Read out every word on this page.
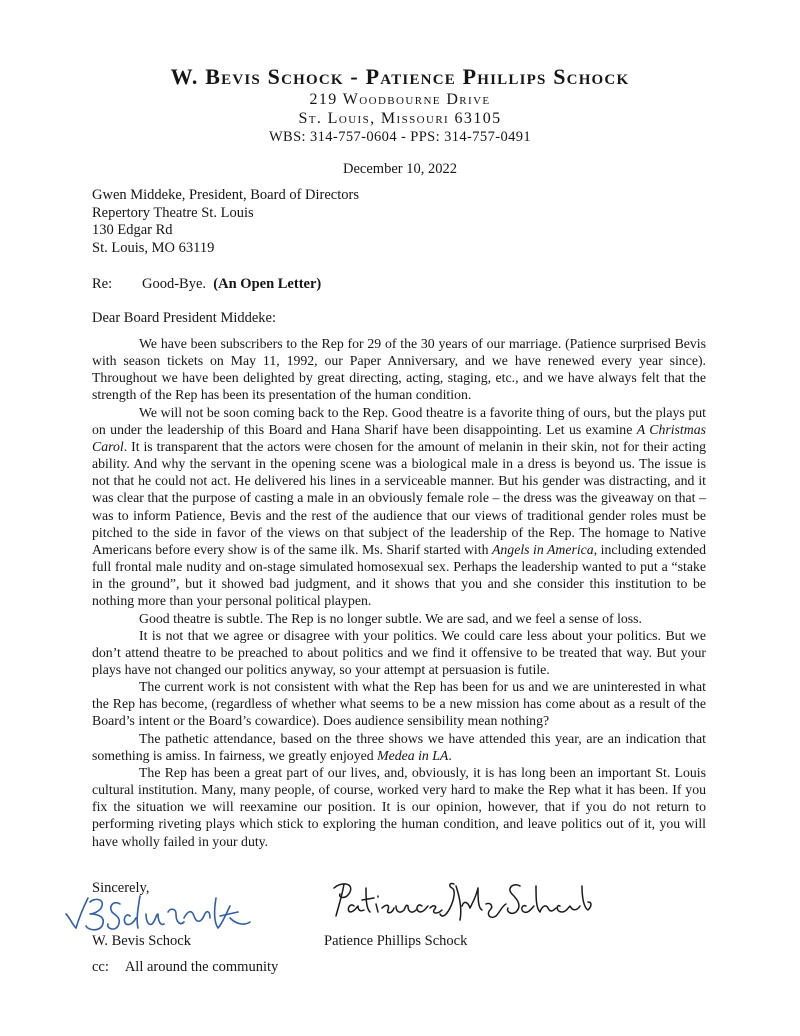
W. Bevis Schock - Patience Phillips Schock
219 Woodbourne Drive
St. Louis, Missouri 63105
WBS: 314-757-0604 - PPS: 314-757-0491
December 10, 2022
Gwen Middeke, President, Board of Directors
Repertory Theatre St. Louis
130 Edgar Rd
St. Louis, MO 63119
Re: Good-Bye. (An Open Letter)
Dear Board President Middeke:

We have been subscribers to the Rep for 29 of the 30 years of our marriage. (Patience surprised Bevis with season tickets on May 11, 1992, our Paper Anniversary, and we have renewed every year since). Throughout we have been delighted by great directing, acting, staging, etc., and we have always felt that the strength of the Rep has been its presentation of the human condition.

We will not be soon coming back to the Rep. Good theatre is a favorite thing of ours, but the plays put on under the leadership of this Board and Hana Sharif have been disappointing. Let us examine A Christmas Carol. It is transparent that the actors were chosen for the amount of melanin in their skin, not for their acting ability. And why the servant in the opening scene was a biological male in a dress is beyond us. The issue is not that he could not act. He delivered his lines in a serviceable manner. But his gender was distracting, and it was clear that the purpose of casting a male in an obviously female role – the dress was the giveaway on that – was to inform Patience, Bevis and the rest of the audience that our views of traditional gender roles must be pitched to the side in favor of the views on that subject of the leadership of the Rep. The homage to Native Americans before every show is of the same ilk. Ms. Sharif started with Angels in America, including extended full frontal male nudity and on-stage simulated homosexual sex. Perhaps the leadership wanted to put a “stake in the ground”, but it showed bad judgment, and it shows that you and she consider this institution to be nothing more than your personal political playpen.

Good theatre is subtle. The Rep is no longer subtle. We are sad, and we feel a sense of loss.

It is not that we agree or disagree with your politics. We could care less about your politics. But we don’t attend theatre to be preached to about politics and we find it offensive to be treated that way. But your plays have not changed our politics anyway, so your attempt at persuasion is futile.

The current work is not consistent with what the Rep has been for us and we are uninterested in what the Rep has become, (regardless of whether what seems to be a new mission has come about as a result of the Board’s intent or the Board’s cowardice). Does audience sensibility mean nothing?

The pathetic attendance, based on the three shows we have attended this year, are an indication that something is amiss. In fairness, we greatly enjoyed Medea in LA.

The Rep has been a great part of our lives, and, obviously, it is has long been an important St. Louis cultural institution. Many, many people, of course, worked very hard to make the Rep what it has been. If you fix the situation we will reexamine our position. It is our opinion, however, that if you do not return to performing riveting plays which stick to exploring the human condition, and leave politics out of it, you will have wholly failed in your duty.

Sincerely,
W. Bevis Schock	Patience Phillips Schock
cc: All around the community
